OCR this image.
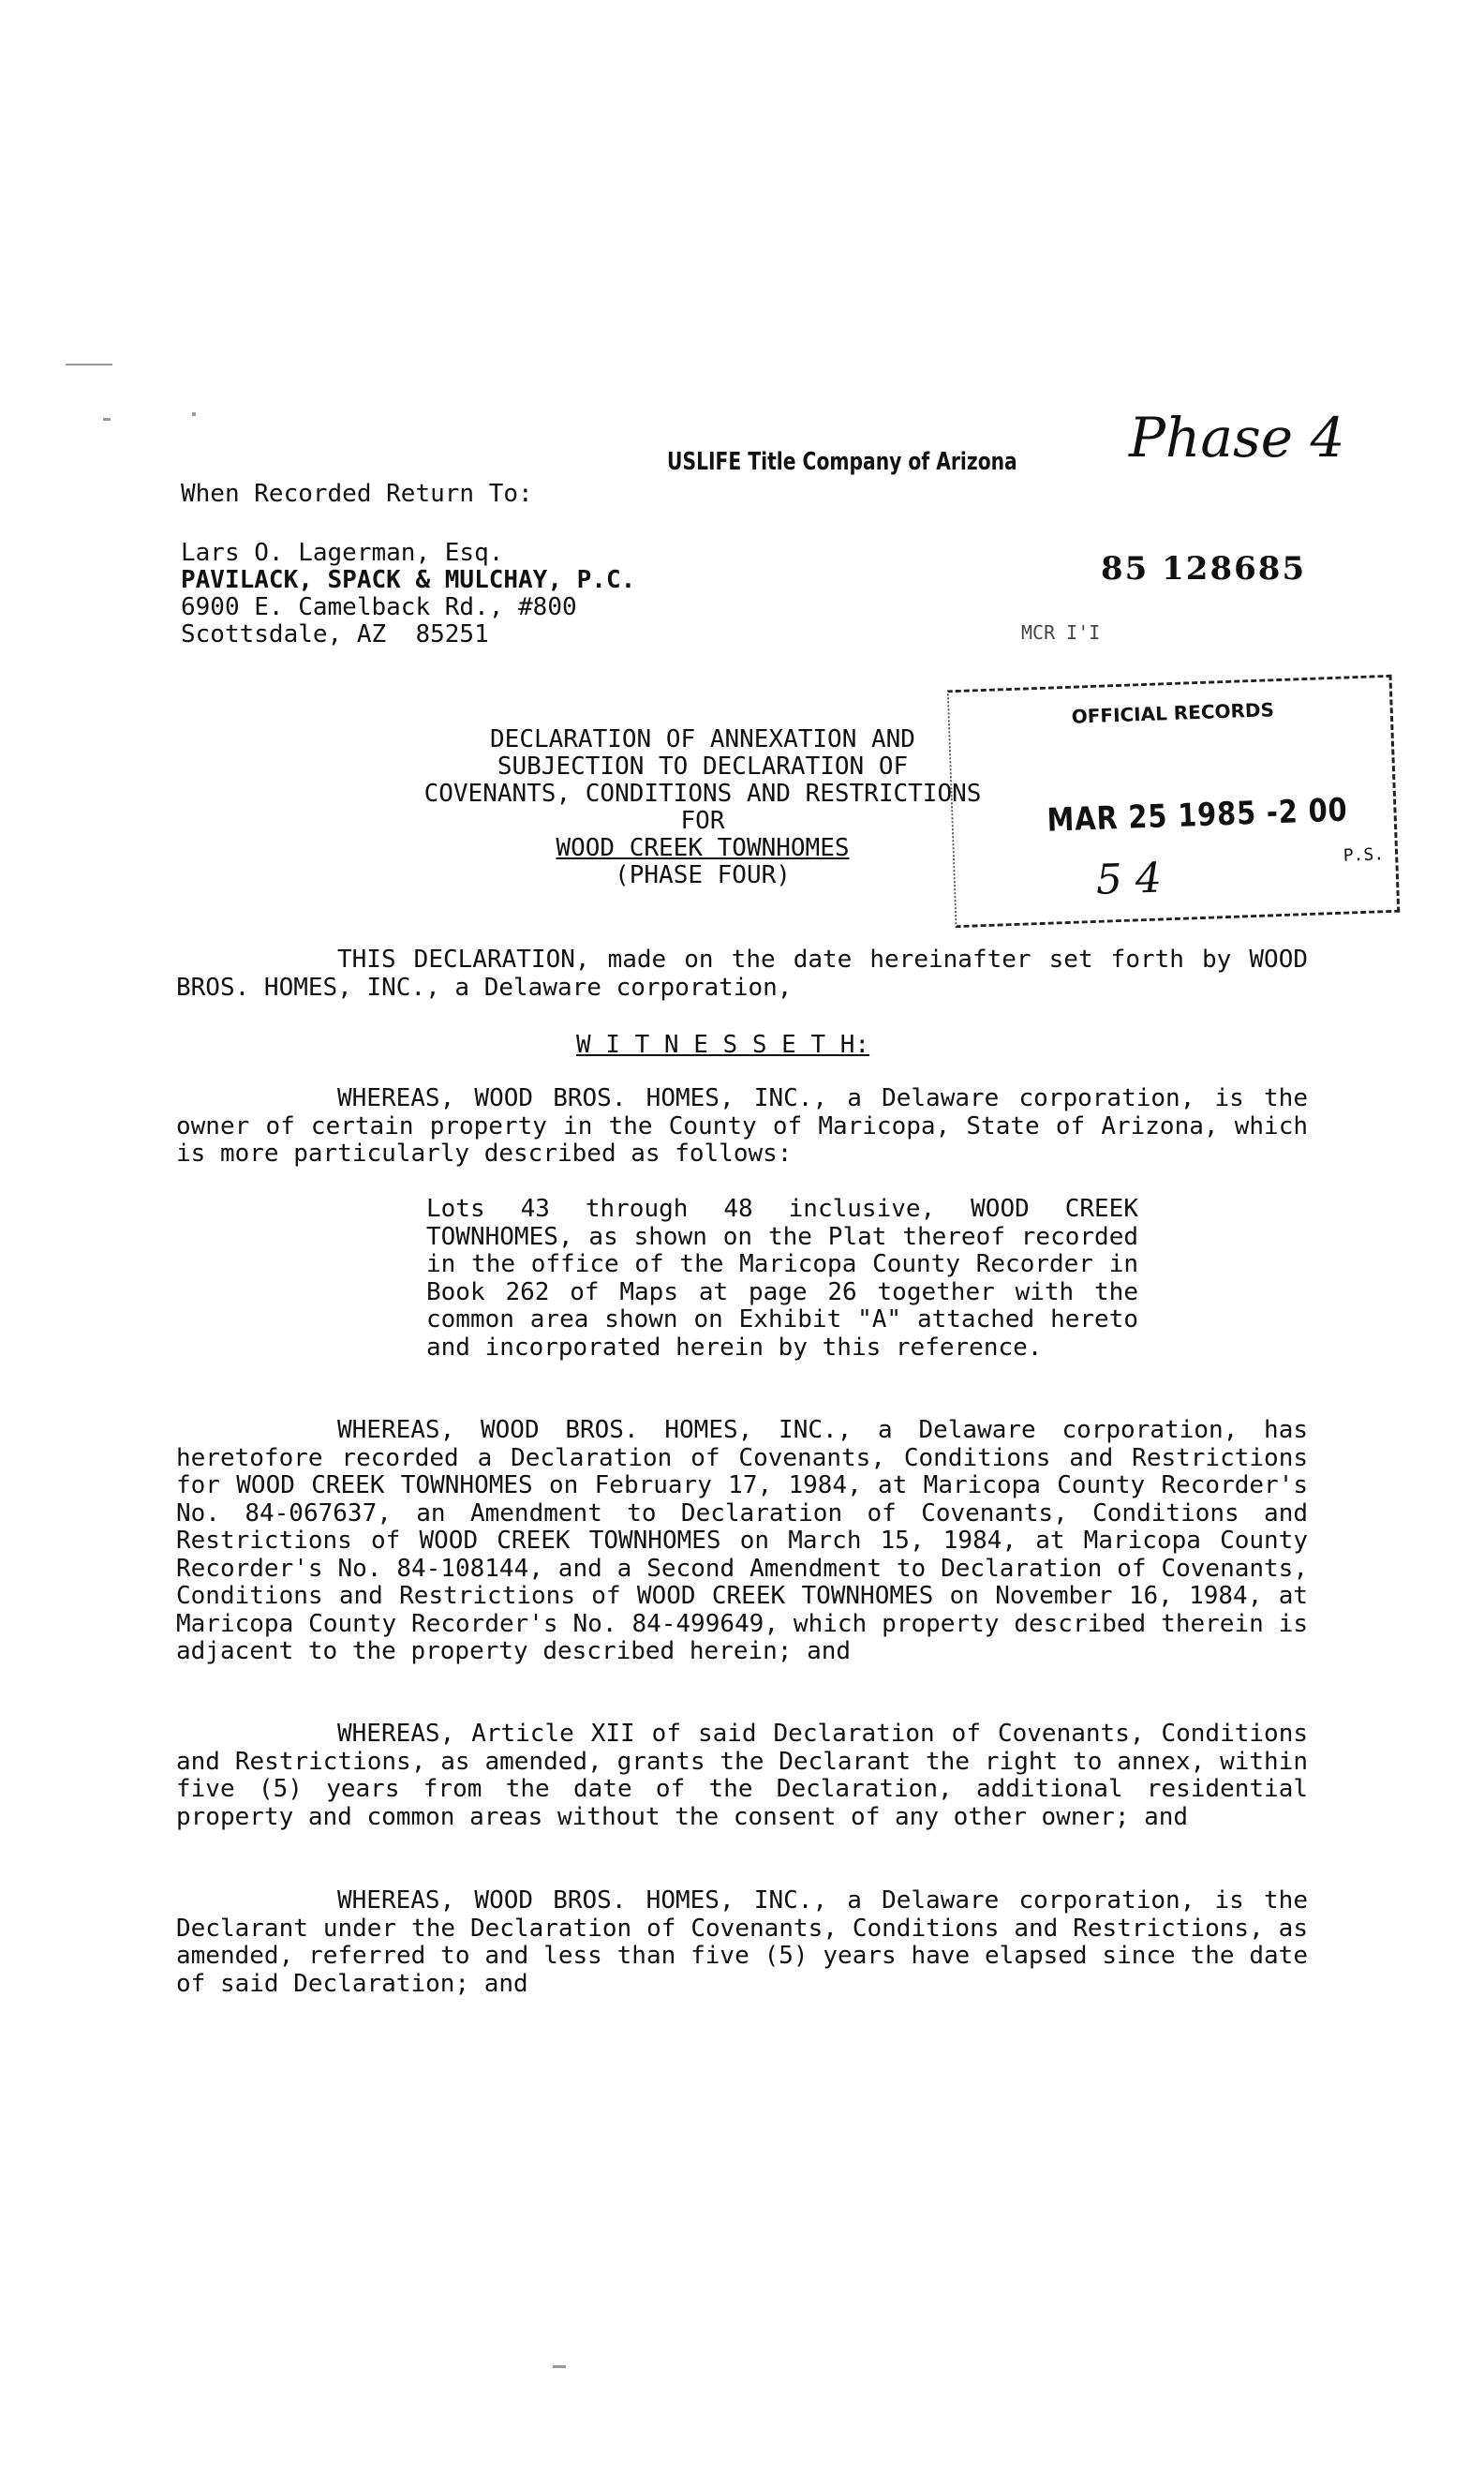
USLIFE Title Company of Arizona Phase 4
85 128685
MCR I'I
When Recorded Return To:
Lars O. Lagerman, Esq.
PAVILACK, SPACK & MULCHAY, P.C.
6900 E. Camelback Rd., #800
Scottsdale, AZ  85251
OFFICIAL RECORDS
MAR 25 1985 -2 00
5 4	P.S.
DECLARATION OF ANNEXATION AND
SUBJECTION TO DECLARATION OF
COVENANTS, CONDITIONS AND RESTRICTIONS
FOR
WOOD CREEK TOWNHOMES
(PHASE FOUR)

THIS DECLARATION, made on the date hereinafter set forth by WOOD BROS. HOMES, INC., a Delaware corporation,

W I T N E S S E T H:

WHEREAS, WOOD BROS. HOMES, INC., a Delaware corporation, is the owner of certain property in the County of Maricopa, State of Arizona, which is more particularly described as follows:

Lots 43 through 48 inclusive, WOOD CREEK TOWNHOMES, as shown on the Plat thereof recorded in the office of the Maricopa County Recorder in Book 262 of Maps at page 26 together with the common area shown on Exhibit "A" attached hereto and incorporated herein by this reference.

WHEREAS, WOOD BROS. HOMES, INC., a Delaware corporation, has heretofore recorded a Declaration of Covenants, Conditions and Restrictions for WOOD CREEK TOWNHOMES on February 17, 1984, at Maricopa County Recorder's No. 84-067637, an Amendment to Declaration of Covenants, Conditions and Restrictions of WOOD CREEK TOWNHOMES on March 15, 1984, at Maricopa County Recorder's No. 84-108144, and a Second Amendment to Declaration of Covenants, Conditions and Restrictions of WOOD CREEK TOWNHOMES on November 16, 1984, at Maricopa County Recorder's No. 84-499649, which property described therein is adjacent to the property described herein; and

WHEREAS, Article XII of said Declaration of Covenants, Conditions and Restrictions, as amended, grants the Declarant the right to annex, within five (5) years from the date of the Declaration, additional residential property and common areas without the consent of any other owner; and

WHEREAS, WOOD BROS. HOMES, INC., a Delaware corporation, is the Declarant under the Declaration of Covenants, Conditions and Restrictions, as amended, referred to and less than five (5) years have elapsed since the date of said Declaration; and
